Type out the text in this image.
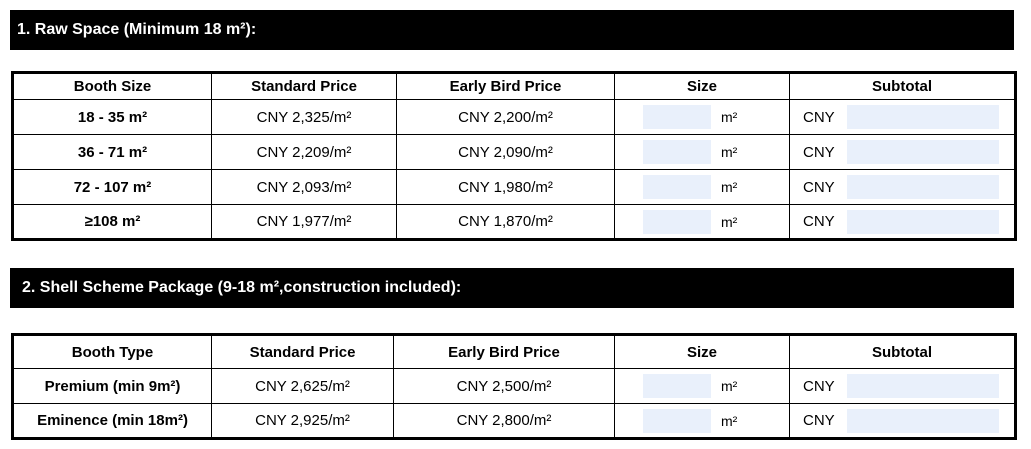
1. Raw Space (Minimum 18 m²):
Booth Size	Standard Price	Early Bird Price	Size	Subtotal
18 - 35 m²	CNY 2,325/m²	CNY 2,200/m²	m²	CNY

36 - 71 m²	CNY 2,209/m²	CNY 2,090/m²	m²	CNY

72 - 107 m²	CNY 2,093/m²	CNY 1,980/m²	m²	CNY

≥108 m²	CNY 1,977/m²	CNY 1,870/m²	m²	CNY
2. Shell Scheme Package (9-18 m²,construction included):
Booth Type	Standard Price	Early Bird Price	Size	Subtotal
Premium (min 9m²)	CNY 2,625/m²	CNY 2,500/m²	m²	CNY

Eminence (min 18m²)	CNY 2,925/m²	CNY 2,800/m²	m²	CNY
